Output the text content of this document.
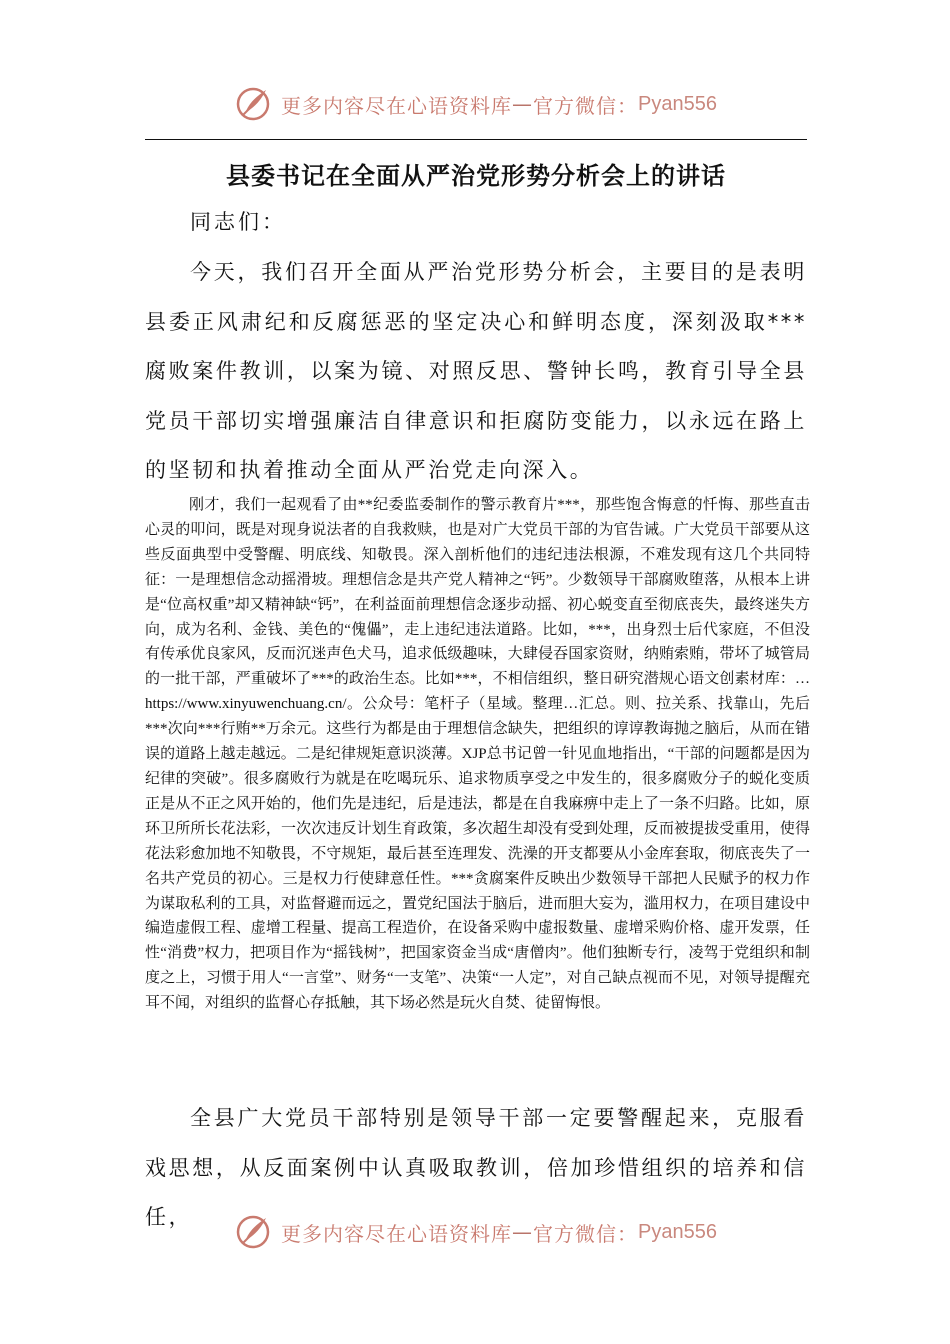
更多内容尽在心语资料库 — 官方微信： Pyan556
县委书记在全面从严治党形势分析会上的讲话
同志们：

今天，我们召开全面从严治党形势分析会，主要目的是表明县委正风肃纪和反腐惩恶的坚定决心和鲜明态度，深刻汲取***腐败案件教训，以案为镜、对照反思、警钟长鸣，教育引导全县党员干部切实增强廉洁自律意识和拒腐防变能力，以永远在路上的坚韧和执着推动全面从严治党走向深入。

刚才，我们一起观看了由**纪委监委制作的警示教育片***，那些饱含悔意的忏悔、那些直击心灵的叩问，既是对现身说法者的自我救赎，也是对广大党员干部的为官告诫。广大党员干部要从这些反面典型中受警醒、明底线、知敬畏。深入剖析他们的违纪违法根源，不难发现有这几个共同特征：一是理想信念动摇滑坡。理想信念是共产党人精神之“钙”。少数领导干部腐败堕落，从根本上讲是“位高权重”却又精神缺“钙”，在利益面前理想信念逐步动摇、初心蜕变直至彻底丧失，最终迷失方向，成为名利、金钱、美色的“傀儡”，走上违纪违法道路。比如，***，出身烈士后代家庭，不但没有传承优良家风，反而沉迷声色犬马，追求低级趣味，大肆侵吞国家资财，纳贿索贿，带坏了城管局的一批干部，严重破坏了***的政治生态。比如***，不相信组织，整日研究潜规心语文创素材库：…https://www.xinyuwenchuang.cn/。公众号：笔杆子（星域。整理…汇总。则、拉关系、找靠山，先后***次向***行贿**万余元。这些行为都是由于理想信念缺失，把组织的谆谆教诲抛之脑后，从而在错误的道路上越走越远。二是纪律规矩意识淡薄。XJP总书记曾一针见血地指出，“干部的问题都是因为纪律的突破”。很多腐败行为就是在吃喝玩乐、追求物质享受之中发生的，很多腐败分子的蜕化变质正是从不正之风开始的，他们先是违纪，后是违法，都是在自我麻痹中走上了一条不归路。比如，原环卫所所长花法彩，一次次违反计划生育政策，多次超生却没有受到处理，反而被提拔受重用，使得花法彩愈加地不知敬畏，不守规矩，最后甚至连理发、洗澡的开支都要从小金库套取，彻底丧失了一名共产党员的初心。三是权力行使肆意任性。***贪腐案件反映出少数领导干部把人民赋予的权力作为谋取私利的工具，对监督避而远之，置党纪国法于脑后，进而胆大妄为，滥用权力，在项目建设中编造虚假工程、虚增工程量、提高工程造价，在设备采购中虚报数量、虚增采购价格、虚开发票，任性“消费”权力，把项目作为“摇钱树”，把国家资金当成“唐僧肉”。他们独断专行，凌驾于党组织和制度之上，习惯于用人“一言堂”、财务“一支笔”、决策“一人定”，对自己缺点视而不见，对领导提醒充耳不闻，对组织的监督心存抵触，其下场必然是玩火自焚、徒留悔恨。

全县广大党员干部特别是领导干部一定要警醒起来，克服看戏思想，从反面案例中认真吸取教训，倍加珍惜组织的培养和信任，

更多内容尽在心语资料库 — 官方微信： Pyan556
